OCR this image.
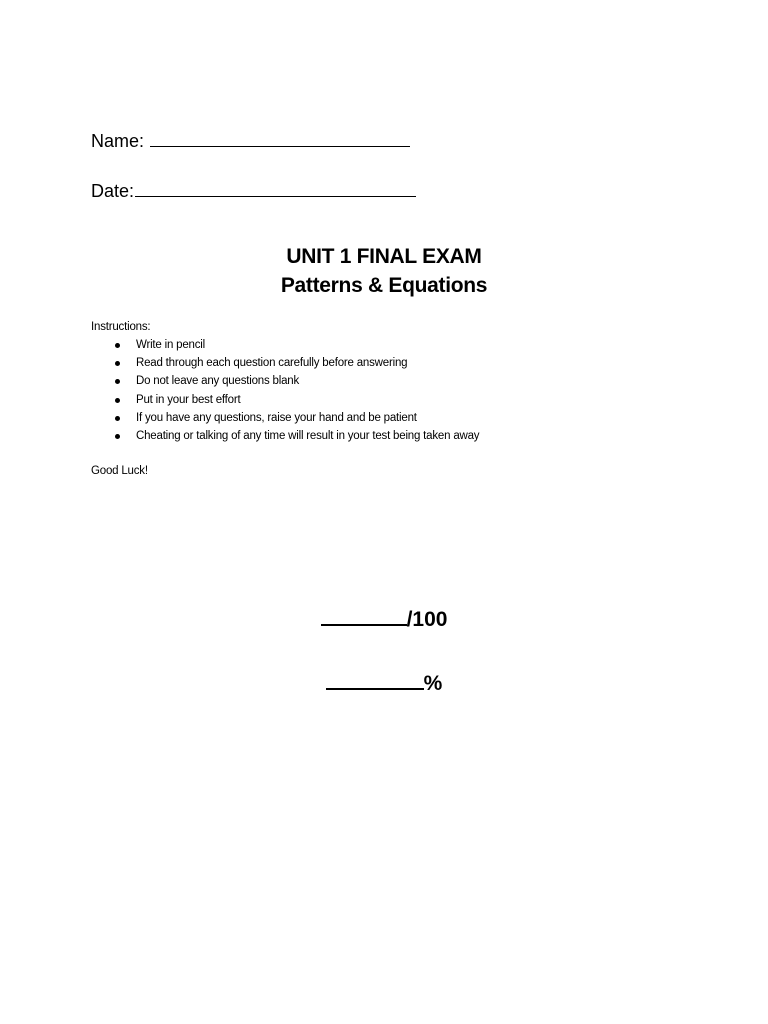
Name:
Date:
UNIT 1 FINAL EXAM
Patterns & Equations
Instructions:
Write in pencil
Read through each question carefully before answering
Do not leave any questions blank
Put in your best effort
If you have any questions, raise your hand and be patient
Cheating or talking of any time will result in your test being taken away
Good Luck!
/100
%
